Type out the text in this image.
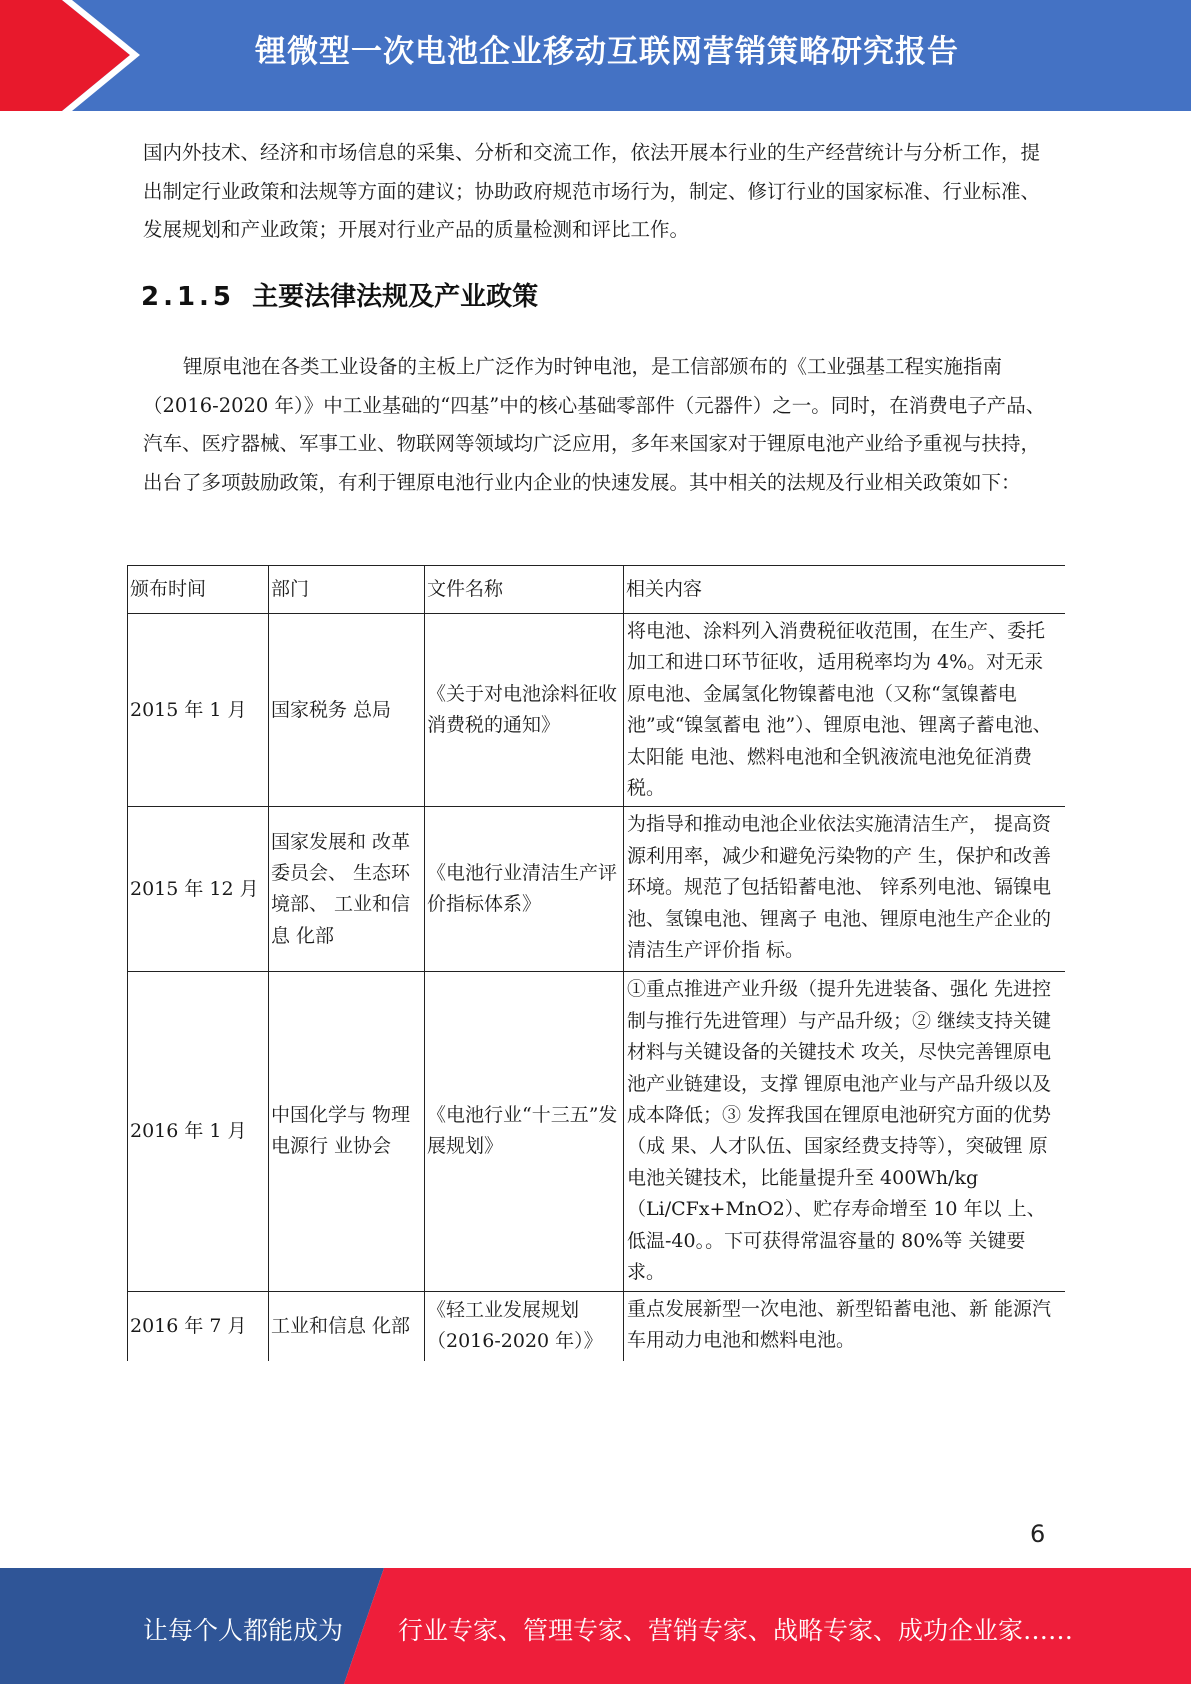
锂微型一次电池企业移动互联网营销策略研究报告

国内外技术、经济和市场信息的采集、分析和交流工作，依法开展本行业的生产经营统计与分析工作，提出制定行业政策和法规等方面的建议；协助政府规范市场行为，制定、修订行业的国家标准、行业标准、发展规划和产业政策；开展对行业产品的质量检测和评比工作。

2.1.5 主要法律法规及产业政策

锂原电池在各类工业设备的主板上广泛作为时钟电池，是工信部颁布的《工业强基工程实施指南（2016-2020 年）》中工业基础的“四基”中的核心基础零部件（元器件）之一。同时，在消费电子产品、汽车、医疗器械、军事工业、物联网等领域均广泛应用，多年来国家对于锂原电池产业给予重视与扶持，出台了多项鼓励政策，有利于锂原电池行业内企业的快速发展。其中相关的法规及行业相关政策如下：

颁布时间	部门	文件名称	相关内容
2015 年 1 月	国家税务 总局	《关于对电池涂料征收消费税的通知》	将电池、涂料列入消费税征收范围，在生产、委托加工和进口环节征收，适用税率均为 4%。对无汞原电池、金属氢化物镍蓄电池（又称“氢镍蓄电池”或“镍氢蓄电 池”）、锂原电池、锂离子蓄电池、太阳能 电池、燃料电池和全钒液流电池免征消费 税。
2015 年 12 月	国家发展和 改革委员会、 生态环境部、 工业和信息 化部	《电池行业清洁生产评价指标体系》	为指导和推动电池企业依法实施清洁生产， 提高资源利用率，减少和避免污染物的产 生，保护和改善环境。规范了包括铅蓄电池、 锌系列电池、镉镍电池、氢镍电池、锂离子 电池、锂原电池生产企业的清洁生产评价指 标。
2016 年 1 月	中国化学与 物理电源行 业协会	《电池行业“十三五”发展规划》	①重点推进产业升级（提升先进装备、强化 先进控制与推行先进管理）与产品升级；② 继续支持关键材料与关键设备的关键技术 攻关，尽快完善锂原电池产业链建设，支撑 锂原电池产业与产品升级以及成本降低；③ 发挥我国在锂原电池研究方面的优势（成 果、人才队伍、国家经费支持等），突破锂 原电池关键技术，比能量提升至 400Wh/kg （Li/CFx+MnO2）、贮存寿命增至 10 年以 上、低温-40。。下可获得常温容量的 80%等 关键要求。
2016 年 7 月	工业和信息 化部	《轻工业发展规划（2016-2020 年）》	重点发展新型一次电池、新型铅蓄电池、新 能源汽车用动力电池和燃料电池。
6
让每个人都能成为 行业专家、管理专家、营销专家、战略专家、成功企业家……
